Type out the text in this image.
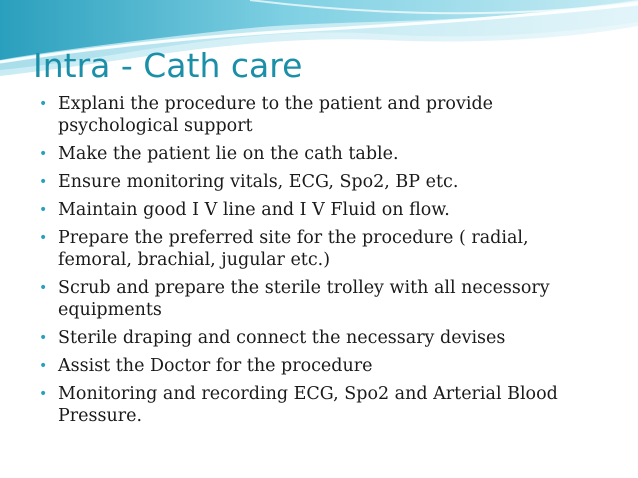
Intra - Cath care
• Explani the procedure to the patient and provide psychological support
• Make the patient lie on the cath table.
• Ensure monitoring vitals, ECG, Spo2, BP etc.
• Maintain good I V line and I V Fluid on flow.
• Prepare the preferred site for the procedure ( radial, femoral, brachial, jugular etc.)
• Scrub and prepare the sterile trolley with all necessory equipments
• Sterile draping and connect the necessary devises
• Assist the Doctor for the procedure
• Monitoring and recording ECG, Spo2 and Arterial Blood Pressure.
